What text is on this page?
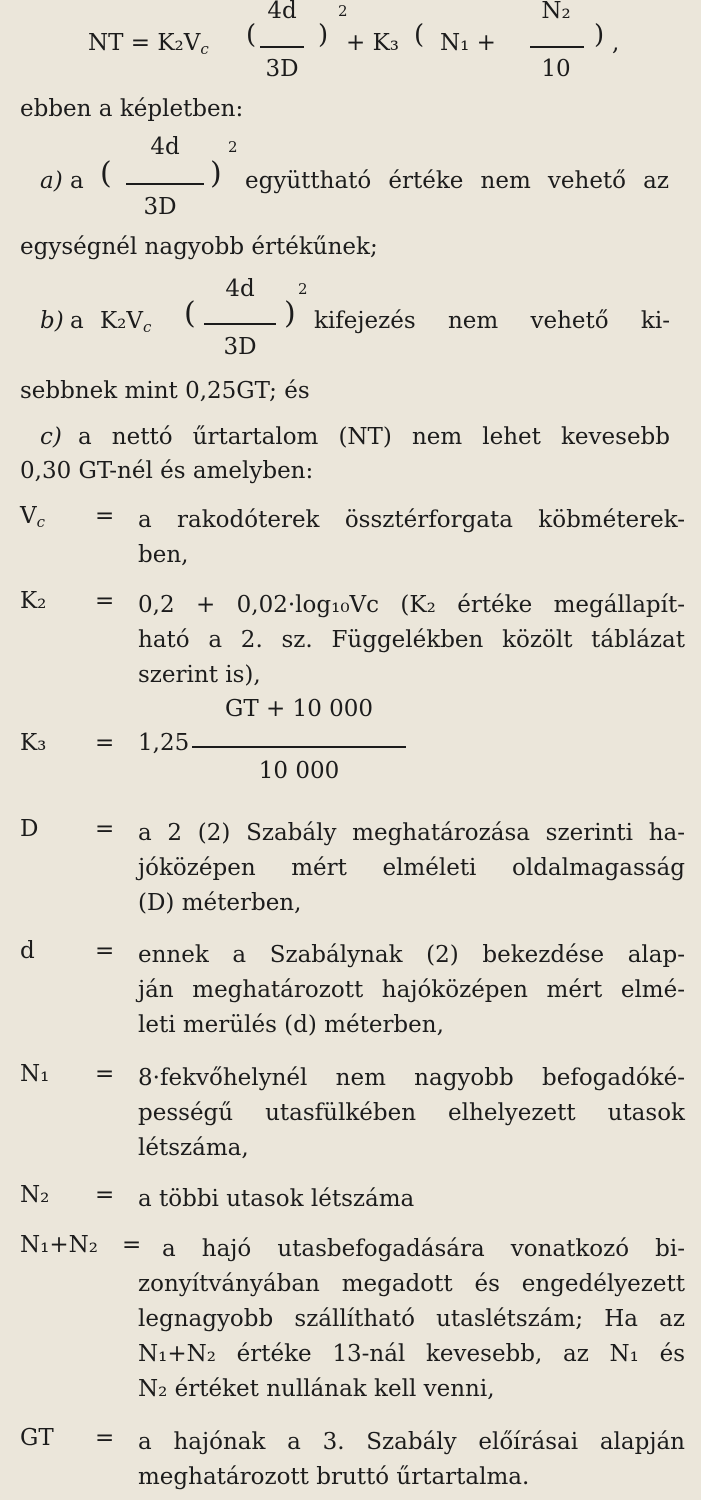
NT = $K_2V_c$ (
4d
3D
)
2
+ K₃ ( N₁ +
N₂
10
) ,
ebben a képletben:
a) a (
4d
3D
)
2
együttható értéke nem vehető az
egységnél nagyobb értékűnek;
b) a $K_2V_c$ (
4d
3D
)
2
kifejezés nem vehető ki-
sebbnek mint 0,25GT; és
c) a nettó űrtartalom (NT) nem lehet kevesebb
0,30 GT-nél és amelyben:
$V_c = a$ rakodóterek össztérforgata köbméterek-
ben,
K₂ = 0,2 + 0,02·log₁₀Vc (K₂ értéke megállapít-
ható a 2. sz. Függelékben közölt táblázat
szerint is),
K₃ = 1,25
GT + 10 000
10 000
D = a 2 (2) Szabály meghatározása szerinti ha-
jóközépen mért elméleti oldalmagasság
(D) méterben,
d	= ennek a Szabálynak (2) bekezdése alap-
ján meghatározott hajóközépen mért elmé-
leti merülés (d) méterben,
N₁ = 8·fekvőhelynél nem nagyobb befogadóké-
pességű utasfülkében elhelyezett utasok
létszáma,
N₂ = a többi utasok létszáma
N₁+N₂ = a hajó utasbefogadására vonatkozó bi-
zonyítványában megadott és engedélyezett
legnagyobb szállítható utaslétszám; Ha az
N₁+N₂ értéke 13-nál kevesebb, az N₁ és
N₂ értéket nullának kell venni,
GT = a hajónak a 3. Szabály előírásai alapján
meghatározott bruttó űrtartalma.
